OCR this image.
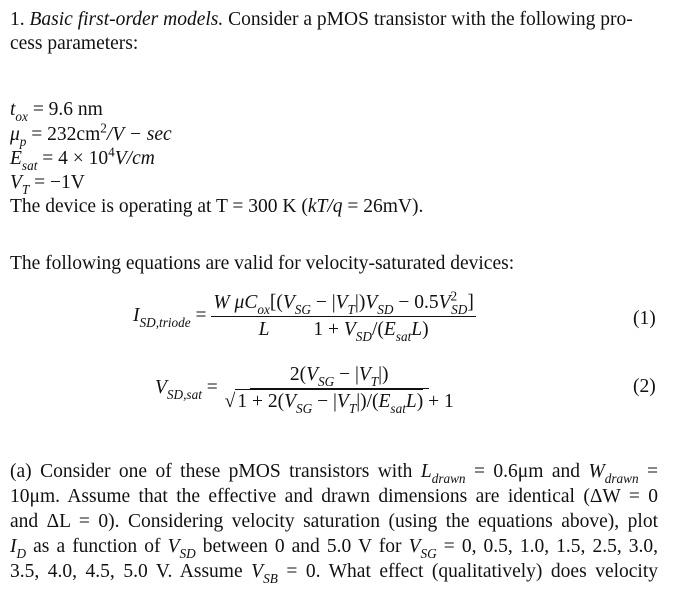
1. Basic first-order models. Consider a pMOS transistor with the following pro-
cess parameters:
$t_{ox} = 9.6$ nm
$\mu_p = 232cm^2/V - \sec$
$E_{sat} = 4 \times 10^4V/cm$
$V_T = -1V$
The device is operating at T = 300 K (kT/q = 26mV).
The following equations are valid for velocity-saturated devices:
$I_{SD,triode} = \frac{W \mu C_{ox}[(V_{SG} - |V_T|)V_{SD} - 0.5V^2_{SD}]}{L 1 + V_{SD}/(E_{sat}L)}$	(1)
$V_{SD,sat} = \frac{2(V_{SG} - |V_T|)}{√ 1 + 2(V_{SG} - |V_T|)/(E_{sat}L) + 1}$	(2)
(a) Consider one of these pMOS transistors with $L_{drawn} = 0.6\mu m$ and $W_{drawn}$ =
10μm. Assume that the effective and drawn dimensions are identical (ΔW = 0
and ΔL = 0). Considering velocity saturation (using the equations above), plot
$I_D$ as a function of $V_{SD}$ between 0 and 5.0 V for $V_{SG} = 0$, 0.5, 1.0, 1.5, 2.5, 3.0,
3.5, 4.0, 4.5, 5.0 V. Assume $V_{SB} = 0$. What effect (qualitatively) does velocity
